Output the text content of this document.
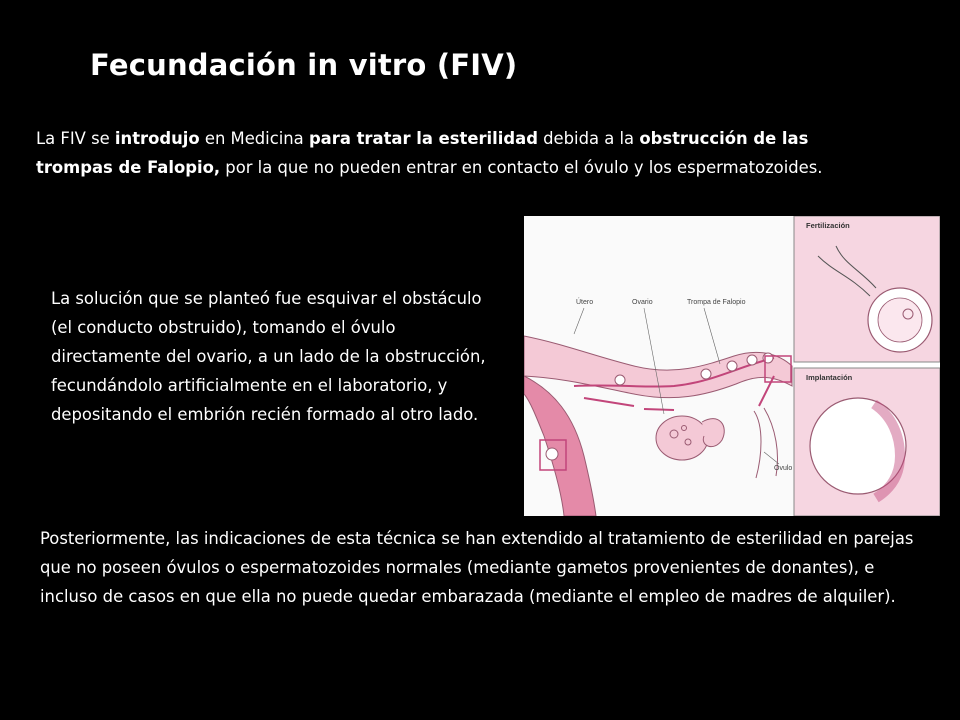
Fecundación in vitro (FIV)
La FIV se introdujo en Medicina para tratar la esterilidad debida a la obstrucción de las trompas de Falopio, por la que no pueden entrar en contacto el óvulo y los espermatozoides.
La solución que se planteó fue esquivar el obstáculo (el conducto obstruido), tomando el óvulo directamente del ovario, a un lado de la obstrucción, fecundándolo artificialmente en el laboratorio, y depositando el embrión recién formado al otro lado.
Útero	Ovario	Trompa de Falopio
Óvulo
Fertilización
Implantación
Posteriormente, las indicaciones de esta técnica se han extendido al tratamiento de esterilidad en parejas que no poseen óvulos o espermatozoides normales (mediante gametos provenientes de donantes), e incluso de casos en que ella no puede quedar embarazada (mediante el empleo de madres de alquiler).
